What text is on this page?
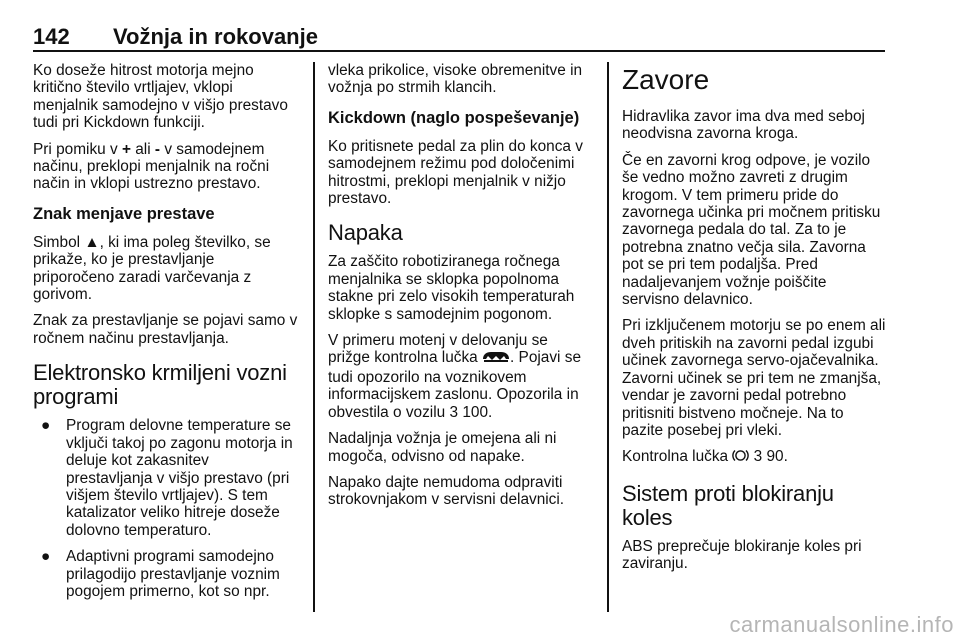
142 Vožnja in rokovanje

Ko doseže hitrost motorja mejno kritično število vrtljajev, vklopi menjalnik samodejno v višjo prestavo tudi pri Kickdown funkciji.

Pri pomiku v + ali - v samodejnem načinu, preklopi menjalnik na ročni način in vklopi ustrezno prestavo.

Znak menjave prestave

Simbol ▲, ki ima poleg številko, se prikaže, ko je prestavljanje priporočeno zaradi varčevanja z gorivom.

Znak za prestavljanje se pojavi samo v ročnem načinu prestavljanja.

Elektronsko krmiljeni vozni programi
● Program delovne temperature se vključi takoj po zagonu motorja in deluje kot zakasnitev prestavljanja v višjo prestavo (pri višjem število vrtljajev). S tem katalizator veliko hitreje doseže dolovno temperaturo.
● Adaptivni programi samodejno prilagodijo prestavljanje voznim pogojem primerno, kot so npr.

vleka prikolice, visoke obremenitve in vožnja po strmih klancih.

Kickdown (naglo pospeševanje)

Ko pritisnete pedal za plin do konca v samodejnem režimu pod določenimi hitrostmi, preklopi menjalnik v nižjo prestavo.

Napaka

Za zaščito robotiziranega ročnega menjalnika se sklopka popolnoma stakne pri zelo visokih temperaturah sklopke s samodejnim pogonom.

V primeru motenj v delovanju se prižge kontrolna lučka . Pojavi se tudi opozorilo na voznikovem informacijskem zaslonu. Opozorila in obvestila o vozilu 3 100.

Nadaljnja vožnja je omejena ali ni mogoča, odvisno od napake.

Napako dajte nemudoma odpraviti strokovnjakom v servisni delavnici.

Zavore

Hidravlika zavor ima dva med seboj neodvisna zavorna kroga.

Če en zavorni krog odpove, je vozilo še vedno možno zavreti z drugim krogom. V tem primeru pride do zavornega učinka pri močnem pritisku zavornega pedala do tal. Za to je potrebna znatno večja sila. Zavorna pot se pri tem podaljša. Pred nadaljevanjem vožnje poiščite servisno delavnico.

Pri izključenem motorju se po enem ali dveh pritiskih na zavorni pedal izgubi učinek zavornega servo-ojačevalnika. Zavorni učinek se pri tem ne zmanjša, vendar je zavorni pedal potrebno pritisniti bistveno močneje. Na to pazite posebej pri vleki.

Kontrolna lučka  3 90.

Sistem proti blokiranju koles

ABS preprečuje blokiranje koles pri zaviranju.

carmanualsonline.info
